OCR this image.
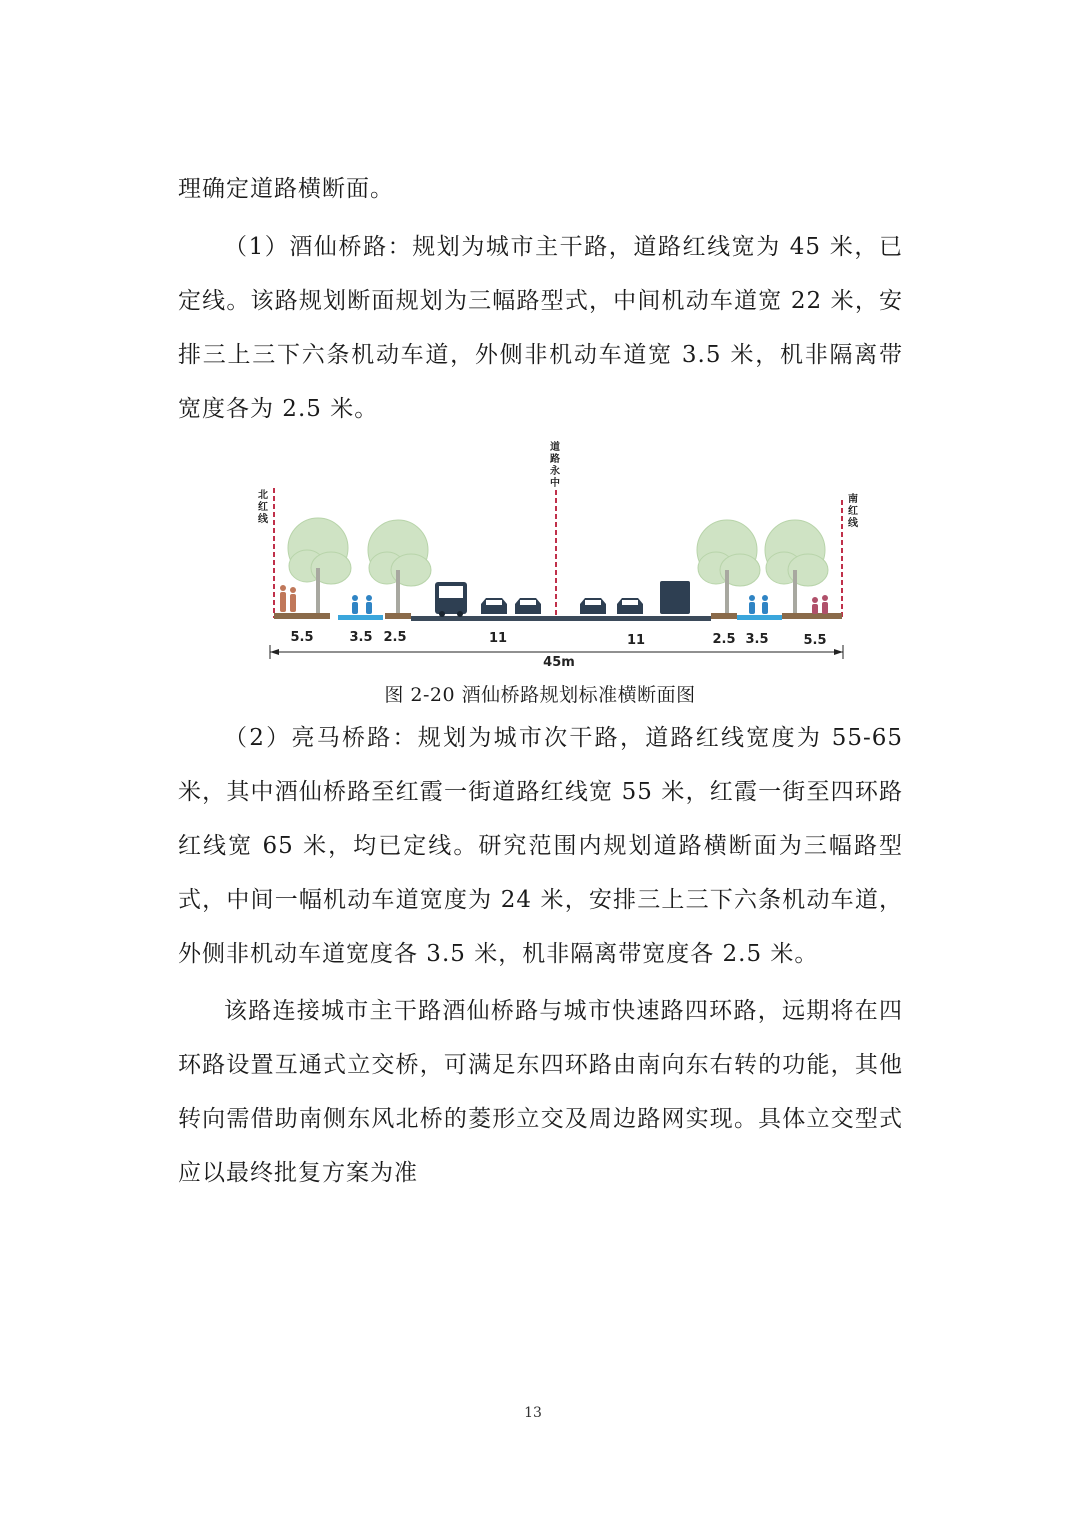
理确定道路横断面。

（1）酒仙桥路：规划为城市主干路，道路红线宽为 45 米，已定线。该路规划断面规划为三幅路型式，中间机动车道宽 22 米，安排三上三下六条机动车道，外侧非机动车道宽 3.5 米，机非隔离带宽度各为 2.5 米。

5.5	3.5 2.5	11	11	2.5 3.5	5.5
45m
北红线
道路永中
南红线
图 2-20 酒仙桥路规划标准横断面图

（2）亮马桥路：规划为城市次干路，道路红线宽度为 55-65 米，其中酒仙桥路至红霞一街道路红线宽 55 米，红霞一街至四环路红线宽 65 米，均已定线。研究范围内规划道路横断面为三幅路型式，中间一幅机动车道宽度为 24 米，安排三上三下六条机动车道，外侧非机动车道宽度各 3.5 米，机非隔离带宽度各 2.5 米。

该路连接城市主干路酒仙桥路与城市快速路四环路，远期将在四环路设置互通式立交桥，可满足东四环路由南向东右转的功能，其他转向需借助南侧东风北桥的菱形立交及周边路网实现。具体立交型式应以最终批复方案为准

13
